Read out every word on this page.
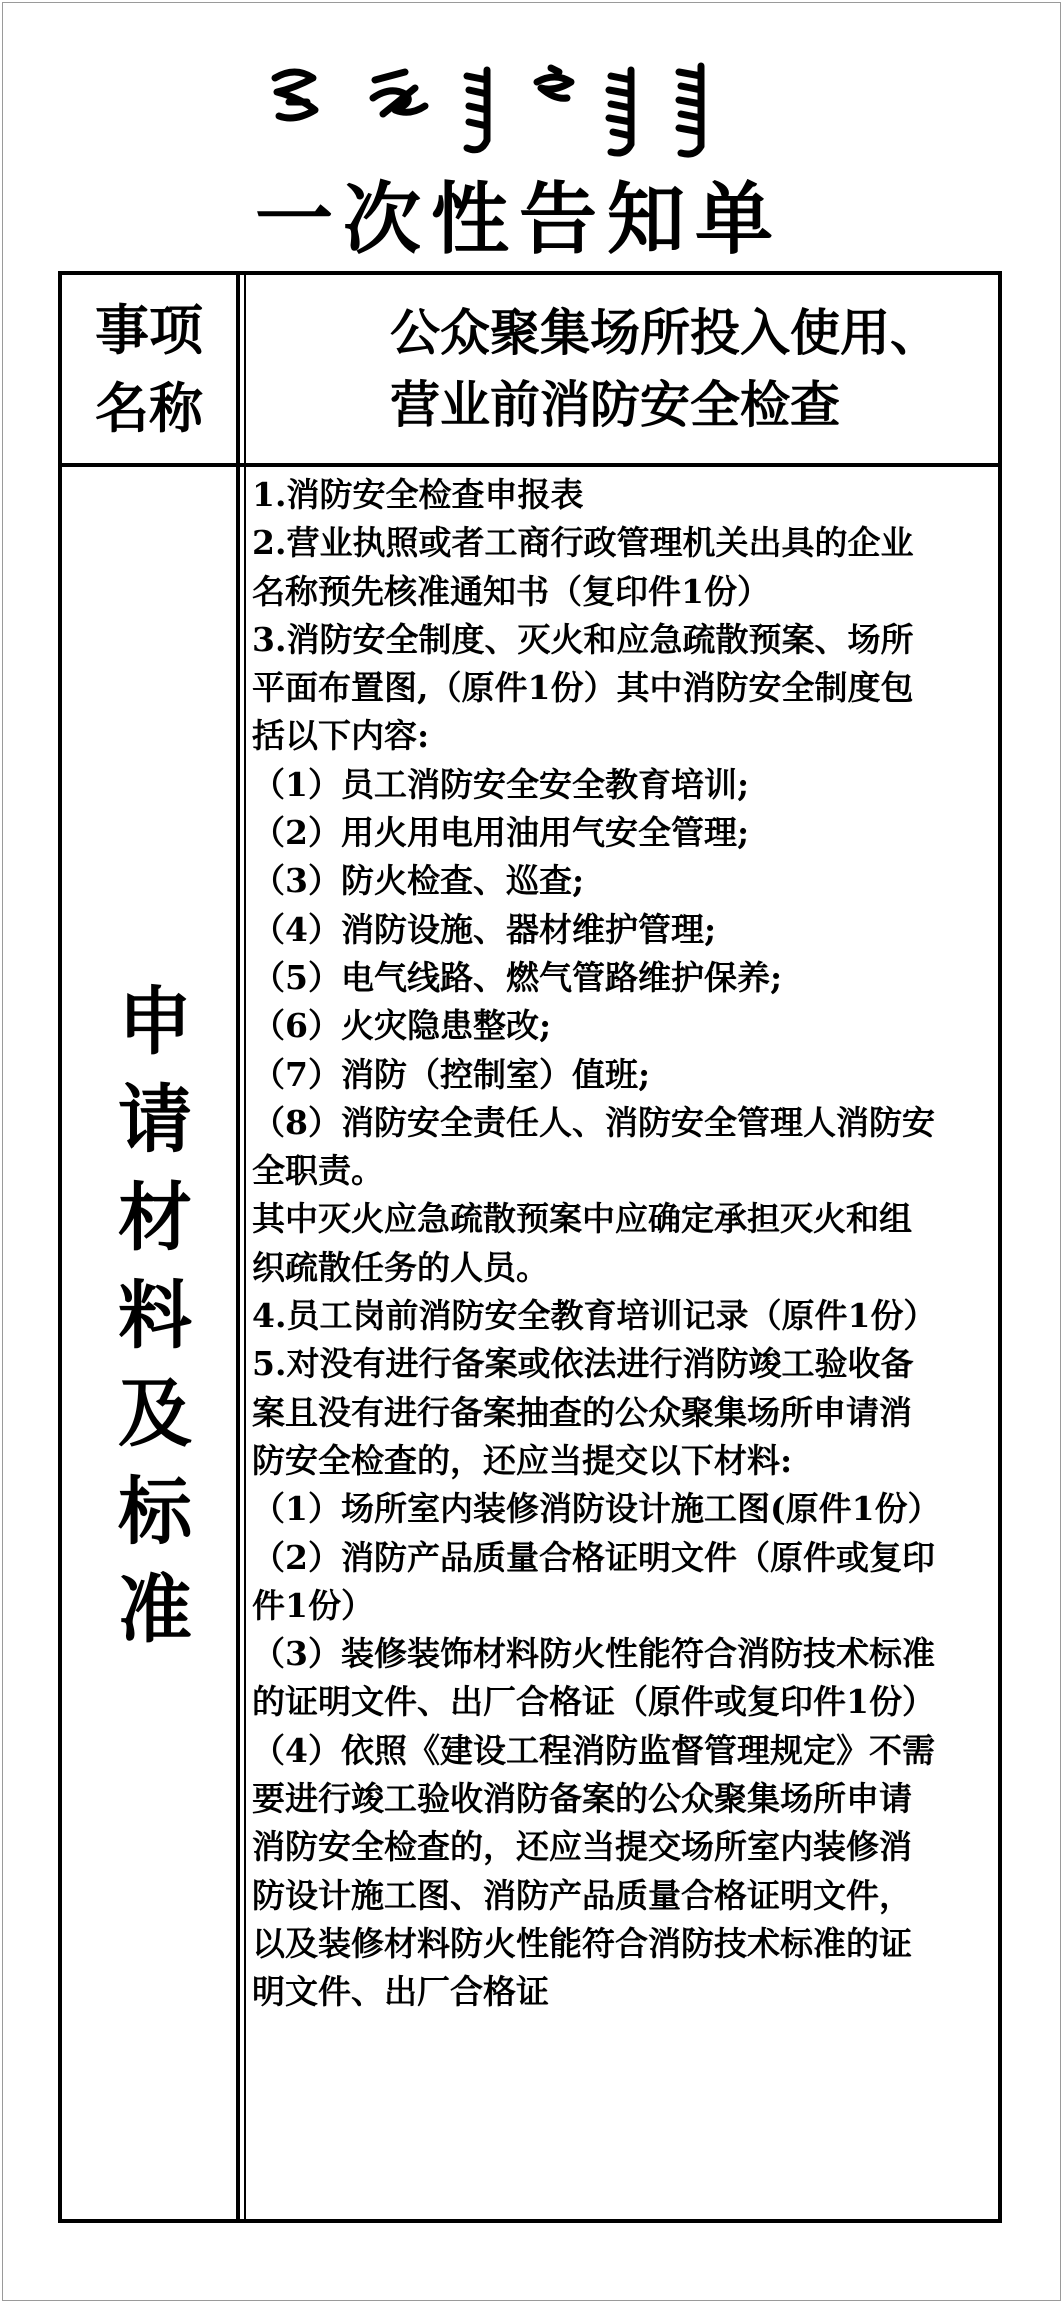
一次性告知单
事项
名称
公众聚集场所投入使用、
营业前消防安全检查
申请材料及标准
1.消防安全检查申报表
2.营业执照或者工商行政管理机关出具的企业
名称预先核准通知书（复印件1份）
3.消防安全制度、灭火和应急疏散预案、场所
平面布置图,（原件1份）其中消防安全制度包
括以下内容:
（1）员工消防安全安全教育培训;
（2）用火用电用油用气安全管理;
（3）防火检查、巡查;
（4）消防设施、器材维护管理;
（5）电气线路、燃气管路维护保养;
（6）火灾隐患整改;
（7）消防（控制室）值班;
（8）消防安全责任人、消防安全管理人消防安
全职责。
其中灭火应急疏散预案中应确定承担灭火和组
织疏散任务的人员。
4.员工岗前消防安全教育培训记录（原件1份）
5.对没有进行备案或依法进行消防竣工验收备
案且没有进行备案抽查的公众聚集场所申请消
防安全检查的，还应当提交以下材料:
（1）场所室内装修消防设计施工图(原件1份）
（2）消防产品质量合格证明文件（原件或复印
件1份）
（3）装修装饰材料防火性能符合消防技术标准
的证明文件、出厂合格证（原件或复印件1份）
（4）依照《建设工程消防监督管理规定》不需
要进行竣工验收消防备案的公众聚集场所申请
消防安全检查的，还应当提交场所室内装修消
防设计施工图、消防产品质量合格证明文件，
以及装修材料防火性能符合消防技术标准的证
明文件、出厂合格证
